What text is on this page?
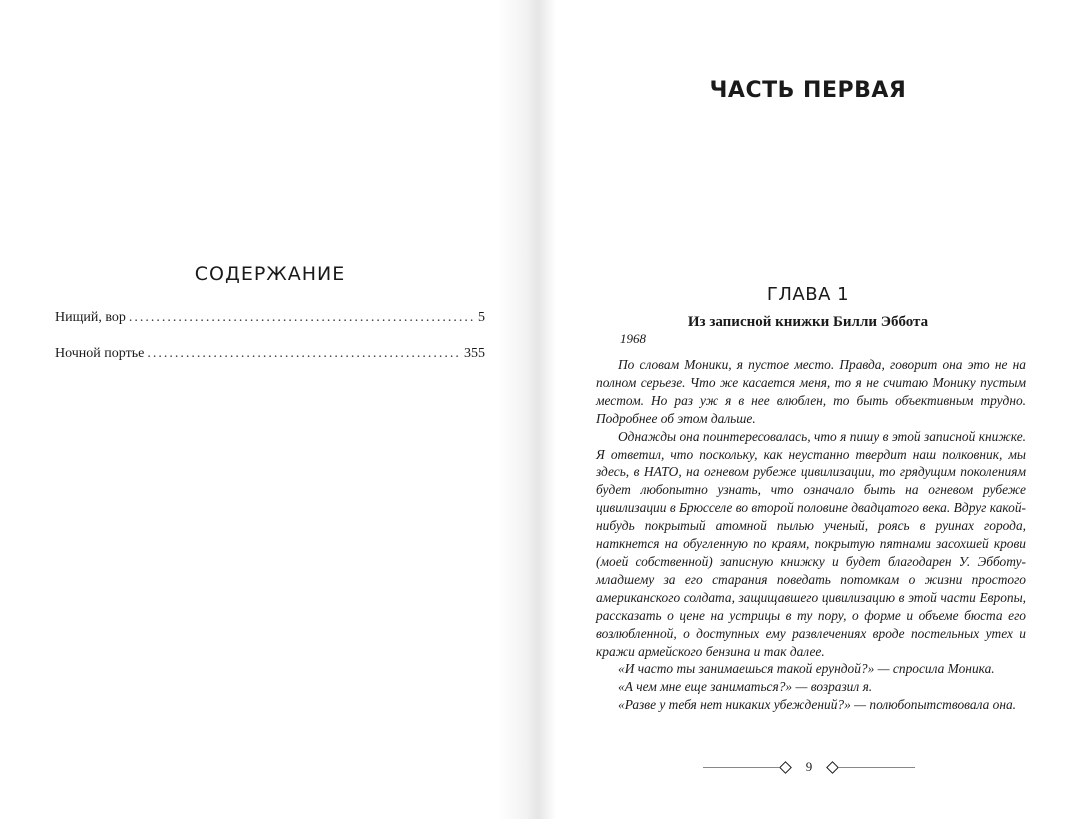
СОДЕРЖАНИЕ
Нищий, вор .....	5
Ночной портье .....	355
ЧАСТЬ ПЕРВАЯ
ГЛАВА 1
Из записной книжки Билли Эббота
1968

По словам Моники, я пустое место. Правда, говорит она это не на полном серьезе. Что же касается меня, то я не считаю Монику пустым местом. Но раз уж я в нее влюблен, то быть объективным трудно. Подробнее об этом дальше.

Однажды она поинтересовалась, что я пишу в этой записной книжке. Я ответил, что поскольку, как неустанно твердит наш полковник, мы здесь, в НАТО, на огневом рубеже цивилизации, то грядущим поколениям будет любопытно узнать, что означало быть на огневом рубеже цивилизации в Брюсселе во второй половине двадцатого века. Вдруг какой-нибудь покрытый атомной пылью ученый, роясь в руинах города, наткнется на обугленную по краям, покрытую пятнами засохшей крови (моей собственной) записную книжку и будет благодарен У. Эбботу-младшему за его старания поведать потомкам о жизни простого американского солдата, защищавшего цивилизацию в этой части Европы, рассказать о цене на устрицы в ту пору, о форме и объеме бюста его возлюбленной, о доступных ему развлечениях вроде постельных утех и кражи армейского бензина и так далее.

«И часто ты занимаешься такой ерундой?» — спросила Моника.

«А чем мне еще заниматься?» — возразил я.

«Разве у тебя нет никаких убеждений?» — полюбопытствовала она.

9
